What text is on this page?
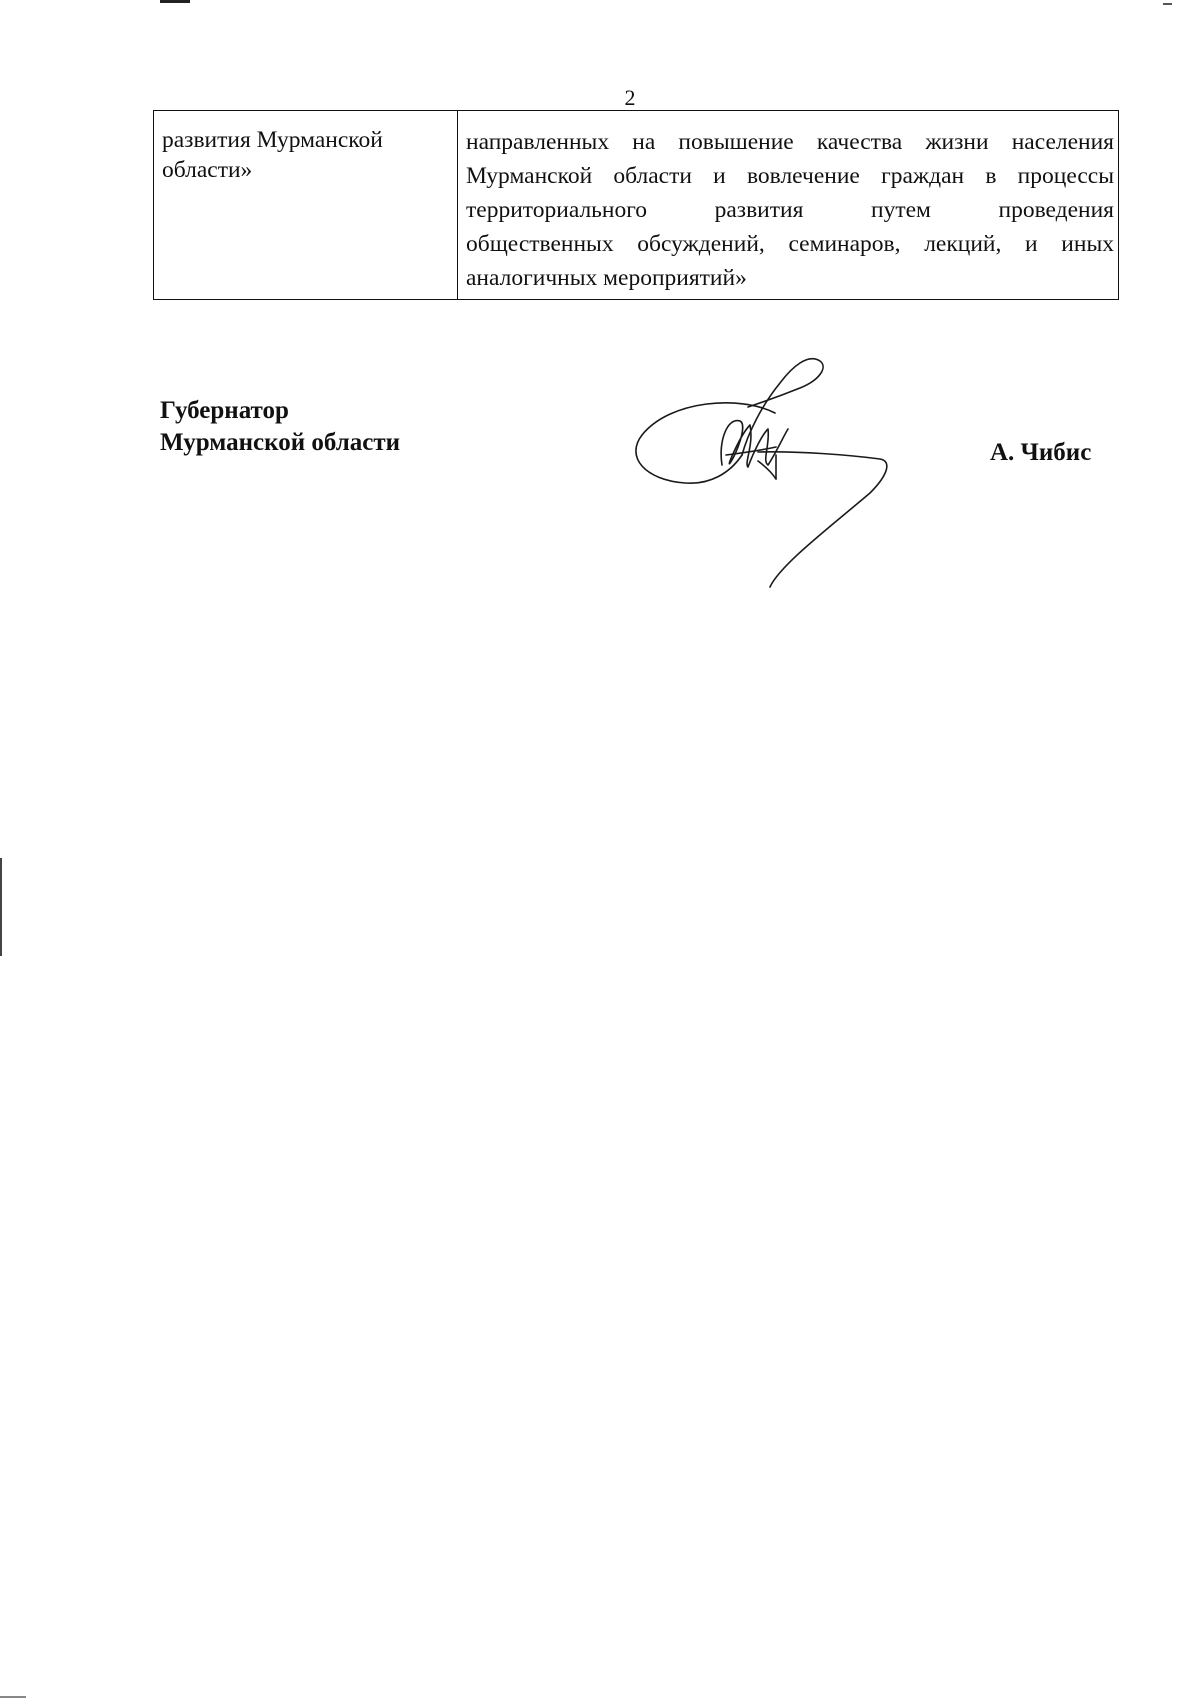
2
развития Мурманской
области»
направленных на повышение качества жизни населения
Мурманской области и вовлечение граждан в процессы
территориального развития путем проведения
общественных обсуждений, семинаров, лекций, и иных
аналогичных мероприятий»
Губернатор
Мурманской области	А. Чибис
